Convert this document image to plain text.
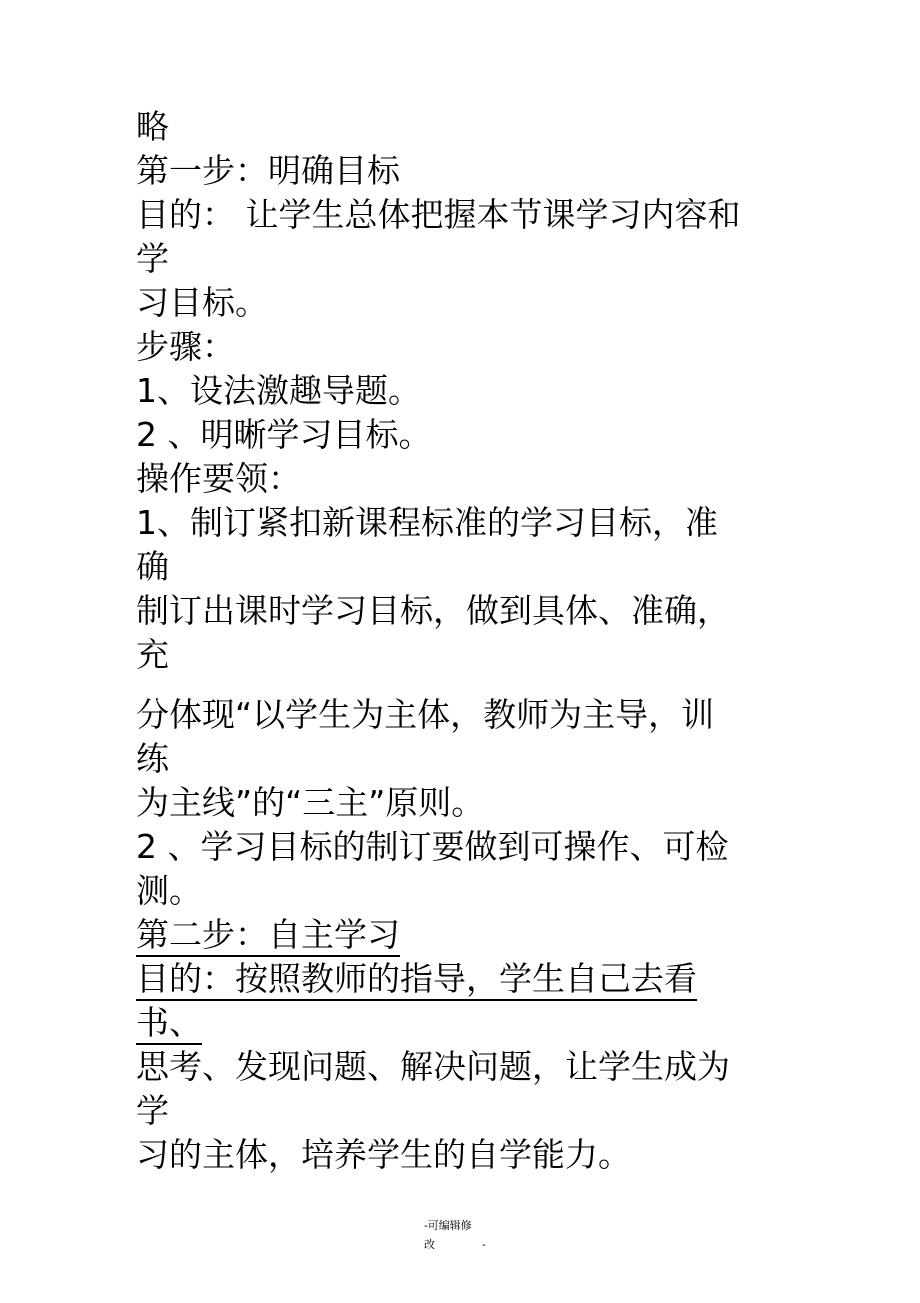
略
第一步：明确目标
目的： 让学生总体把握本节课学习内容和
学
习目标。
步骤：
1、设法激趣导题。
2 、明晰学习目标。
操作要领：
1、制订紧扣新课程标准的学习目标，准
确
制订出课时学习目标，做到具体、准确，
充
分体现“以学生为主体，教师为主导，训
练
为主线”的“三主”原则。
2 、学习目标的制订要做到可操作、可检
测。
第二步：自主学习
目的：按照教师的指导，学生自己去看
书、
思考、发现问题、解决问题，让学生成为
学
习的主体，培养学生的自学能力。
-可编辑修
改	-
